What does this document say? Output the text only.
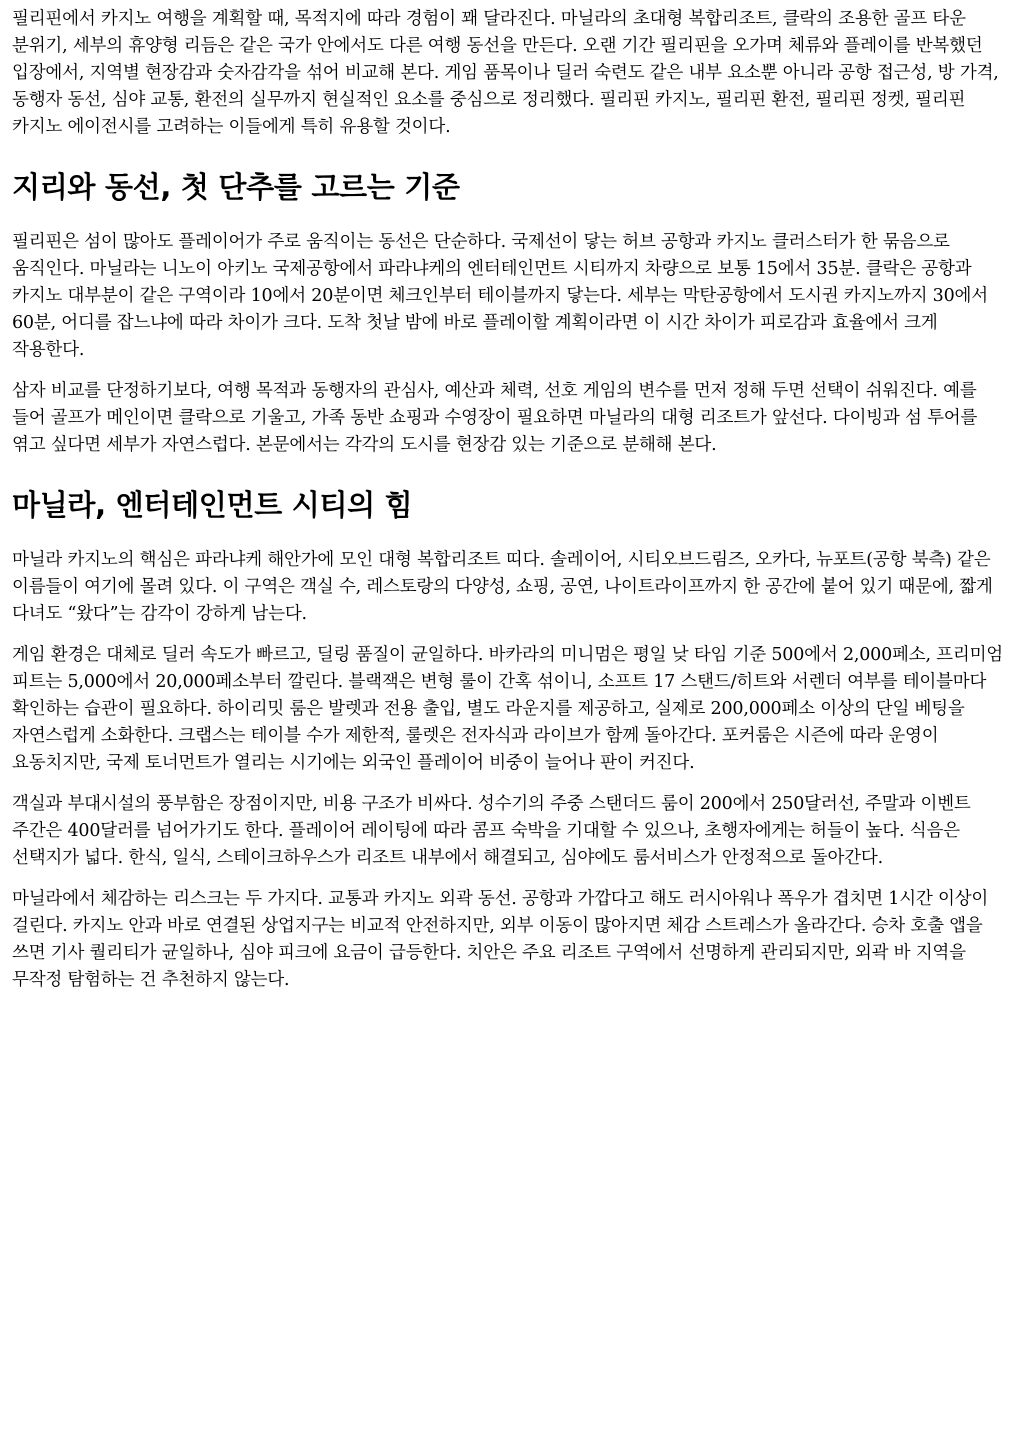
필리핀에서 카지노 여행을 계획할 때, 목적지에 따라 경험이 꽤 달라진다. 마닐라의 초대형 복합리조트, 클락의 조용한 골프 타운 분위기, 세부의 휴양형 리듬은 같은 국가 안에서도 다른 여행 동선을 만든다. 오랜 기간 필리핀을 오가며 체류와 플레이를 반복했던 입장에서, 지역별 현장감과 숫자감각을 섞어 비교해 본다. 게임 품목이나 딜러 숙련도 같은 내부 요소뿐 아니라 공항 접근성, 방 가격, 동행자 동선, 심야 교통, 환전의 실무까지 현실적인 요소를 중심으로 정리했다. 필리핀 카지노, 필리핀 환전, 필리핀 정켓, 필리핀 카지노 에이전시를 고려하는 이들에게 특히 유용할 것이다.

지리와 동선, 첫 단추를 고르는 기준

필리핀은 섬이 많아도 플레이어가 주로 움직이는 동선은 단순하다. 국제선이 닿는 허브 공항과 카지노 클러스터가 한 묶음으로 움직인다. 마닐라는 니노이 아키노 국제공항에서 파라냐케의 엔터테인먼트 시티까지 차량으로 보통 15에서 35분. 클락은 공항과 카지노 대부분이 같은 구역이라 10에서 20분이면 체크인부터 테이블까지 닿는다. 세부는 막탄공항에서 도시권 카지노까지 30에서 60분, 어디를 잡느냐에 따라 차이가 크다. 도착 첫날 밤에 바로 플레이할 계획이라면 이 시간 차이가 피로감과 효율에서 크게 작용한다.

삼자 비교를 단정하기보다, 여행 목적과 동행자의 관심사, 예산과 체력, 선호 게임의 변수를 먼저 정해 두면 선택이 쉬워진다. 예를 들어 골프가 메인이면 클락으로 기울고, 가족 동반 쇼핑과 수영장이 필요하면 마닐라의 대형 리조트가 앞선다. 다이빙과 섬 투어를 엮고 싶다면 세부가 자연스럽다. 본문에서는 각각의 도시를 현장감 있는 기준으로 분해해 본다.

마닐라, 엔터테인먼트 시티의 힘

마닐라 카지노의 핵심은 파라냐케 해안가에 모인 대형 복합리조트 띠다. 솔레이어, 시티오브드림즈, 오카다, 뉴포트(공항 북측) 같은 이름들이 여기에 몰려 있다. 이 구역은 객실 수, 레스토랑의 다양성, 쇼핑, 공연, 나이트라이프까지 한 공간에 붙어 있기 때문에, 짧게 다녀도 “왔다”는 감각이 강하게 남는다.

게임 환경은 대체로 딜러 속도가 빠르고, 딜링 품질이 균일하다. 바카라의 미니멈은 평일 낮 타임 기준 500에서 2,000페소, 프리미엄 피트는 5,000에서 20,000페소부터 깔린다. 블랙잭은 변형 룰이 간혹 섞이니, 소프트 17 스탠드/히트와 서렌더 여부를 테이블마다 확인하는 습관이 필요하다. 하이리밋 룸은 발렛과 전용 출입, 별도 라운지를 제공하고, 실제로 200,000페소 이상의 단일 베팅을 자연스럽게 소화한다. 크랩스는 테이블 수가 제한적, 룰렛은 전자식과 라이브가 함께 돌아간다. 포커룸은 시즌에 따라 운영이 요동치지만, 국제 토너먼트가 열리는 시기에는 외국인 플레이어 비중이 늘어나 판이 커진다.

객실과 부대시설의 풍부함은 장점이지만, 비용 구조가 비싸다. 성수기의 주중 스탠더드 룸이 200에서 250달러선, 주말과 이벤트 주간은 400달러를 넘어가기도 한다. 플레이어 레이팅에 따라 콤프 숙박을 기대할 수 있으나, 초행자에게는 허들이 높다. 식음은 선택지가 넓다. 한식, 일식, 스테이크하우스가 리조트 내부에서 해결되고, 심야에도 룸서비스가 안정적으로 돌아간다.

마닐라에서 체감하는 리스크는 두 가지다. 교통과 카지노 외곽 동선. 공항과 가깝다고 해도 러시아워나 폭우가 겹치면 1시간 이상이 걸린다. 카지노 안과 바로 연결된 상업지구는 비교적 안전하지만, 외부 이동이 많아지면 체감 스트레스가 올라간다. 승차 호출 앱을 쓰면 기사 퀄리티가 균일하나, 심야 피크에 요금이 급등한다. 치안은 주요 리조트 구역에서 선명하게 관리되지만, 외곽 바 지역을 무작정 탐험하는 건 추천하지 않는다.
